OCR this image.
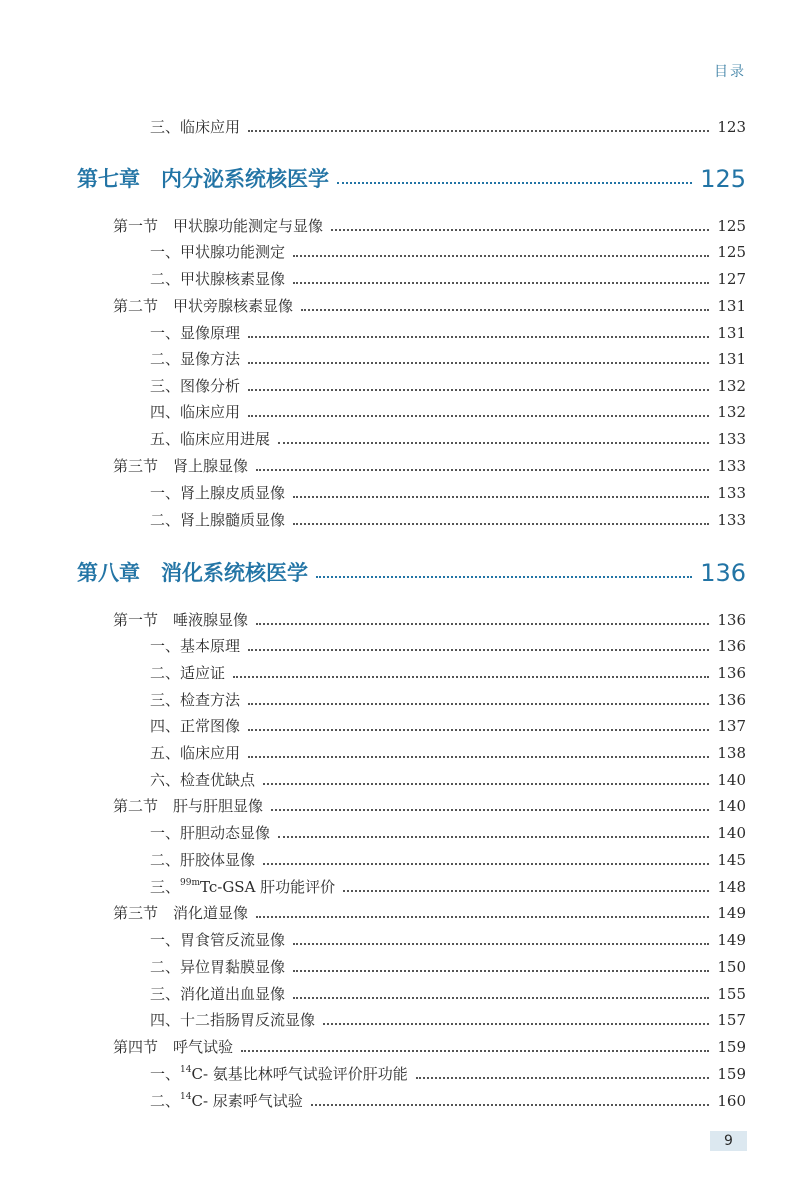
目录
三、临床应用	123
第七章　内分泌系统核医学	125
第一节　甲状腺功能测定与显像	125
一、甲状腺功能测定	125
二、甲状腺核素显像	127
第二节　甲状旁腺核素显像	131
一、显像原理	131
二、显像方法	131
三、图像分析	132
四、临床应用	132
五、临床应用进展	133
第三节　肾上腺显像	133
一、肾上腺皮质显像	133
二、肾上腺髓质显像	133
第八章　消化系统核医学	136
第一节　唾液腺显像	136
一、基本原理	136
二、适应证	136
三、检查方法	136
四、正常图像	137
五、临床应用	138
六、检查优缺点	140
第二节　肝与肝胆显像	140
一、肝胆动态显像	140
二、肝胶体显像	145
三、$^{99m}$Tc-GSA 肝功能评价	148
第三节　消化道显像	149
一、胃食管反流显像	149
二、异位胃黏膜显像	150
三、消化道出血显像	155
四、十二指肠胃反流显像	157
第四节　呼气试验	159
一、$^{14}$C- 氨基比林呼气试验评价肝功能	159
二、$^{14}$C- 尿素呼气试验	160
9
